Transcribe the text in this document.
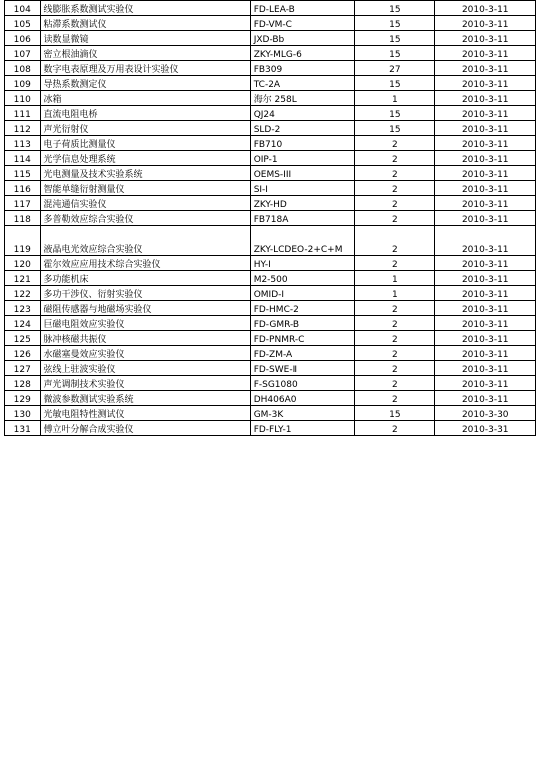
104	线膨胀系数测试实验仪	FD-LEA-B	15	2010-3-11
105	粘滞系数测试仪	FD-VM-C	15	2010-3-11
106	读数显微镜	JXD-Bb	15	2010-3-11
107	密立根油滴仪	ZKY-MLG-6	15	2010-3-11
108	数字电表原理及万用表设计实验仪	FB309	27	2010-3-11
109	导热系数测定仪	TC-2A	15	2010-3-11
110	冰箱	海尔 258L	1	2010-3-11
111	直流电阻电桥	QJ24	15	2010-3-11
112	声光衍射仪	SLD-2	15	2010-3-11
113	电子荷质比测量仪	FB710	2	2010-3-11
114	光学信息处理系统	OIP-1	2	2010-3-11
115	光电测量及技术实验系统	OEMS-III	2	2010-3-11
116	智能单缝衍射测量仪	SI-I	2	2010-3-11
117	混沌通信实验仪	ZKY-HD	2	2010-3-11
118	多普勒效应综合实验仪	FB718A	2	2010-3-11
119	液晶电光效应综合实验仪	ZKY-LCDEO-2+C+M	2	2010-3-11
120	霍尔效应应用技术综合实验仪	HY-I	2	2010-3-11
121	多功能机床	M2-500	1	2010-3-11
122	多功干涉仪、衍射实验仪	OMID-I	1	2010-3-11
123	磁阻传感器与地磁场实验仪	FD-HMC-2	2	2010-3-11
124	巨磁电阻效应实验仪	FD-GMR-B	2	2010-3-11
125	脉冲核磁共振仪	FD-PNMR-C	2	2010-3-11
126	水磁塞曼效应实验仪	FD-ZM-A	2	2010-3-11
127	弦线上驻波实验仪	FD-SWE-Ⅱ	2	2010-3-11
128	声光调制技术实验仪	F-SG1080	2	2010-3-11
129	微波参数测试实验系统	DH406A0	2	2010-3-11
130	光敏电阻特性测试仪	GM-3K	15	2010-3-30
131	傅立叶分解合成实验仪	FD-FLY-1	2	2010-3-31
